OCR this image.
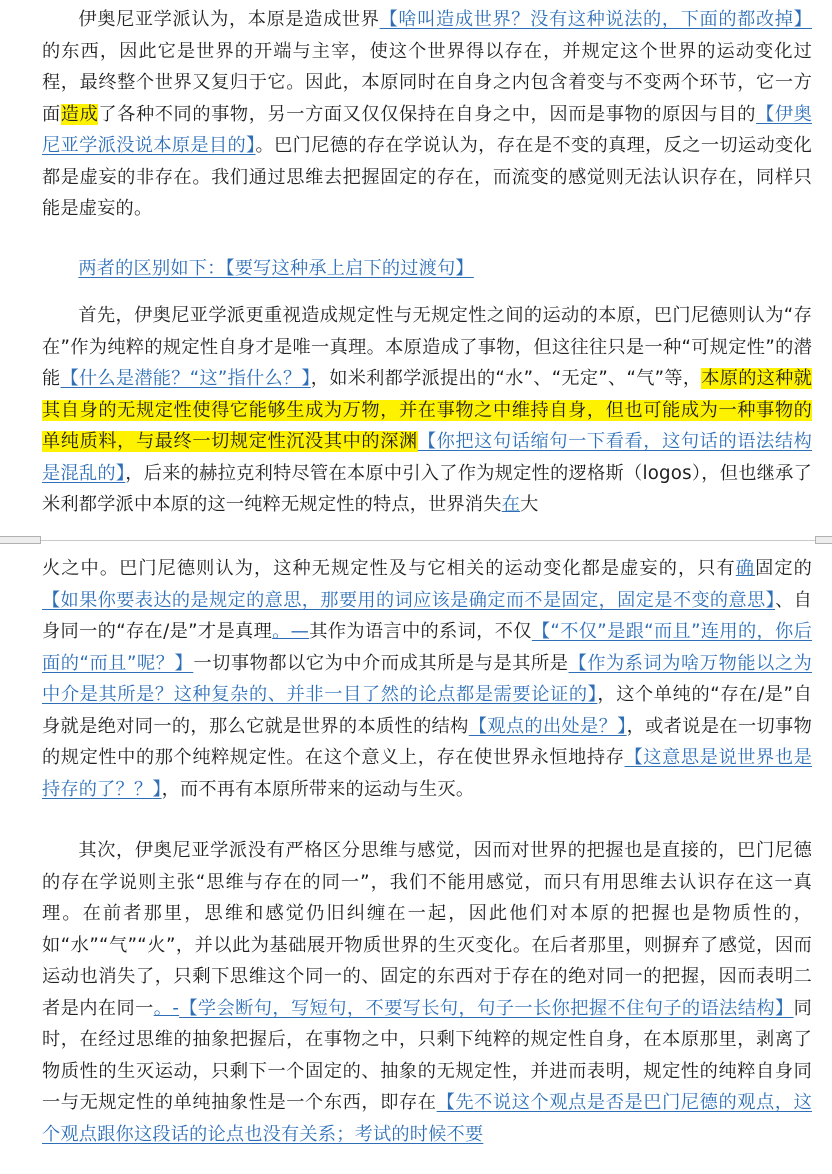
伊奥尼亚学派认为，本原是造成世界【啥叫造成世界？没有这种说法的，下面的都改掉】的东西，因此它是世界的开端与主宰，使这个世界得以存在，并规定这个世界的运动变化过程，最终整个世界又复归于它。因此，本原同时在自身之内包含着变与不变两个环节，它一方面造成了各种不同的事物，另一方面又仅仅保持在自身之中，因而是事物的原因与目的【伊奥尼亚学派没说本原是目的】。巴门尼德的存在学说认为，存在是不变的真理，反之一切运动变化都是虚妄的非存在。我们通过思维去把握固定的存在，而流变的感觉则无法认识存在，同样只能是虚妄的。

两者的区别如下：【要写这种承上启下的过渡句】

首先，伊奥尼亚学派更重视造成规定性与无规定性之间的运动的本原，巴门尼德则认为“存在”作为纯粹的规定性自身才是唯一真理。本原造成了事物，但这往往只是一种“可规定性”的潜能【什么是潜能？“这”指什么？】，如米利都学派提出的“水”、“无定”、“气”等，本原的这种就其自身的无规定性使得它能够生成为万物，并在事物之中维持自身，但也可能成为一种事物的单纯质料，与最终一切规定性沉没其中的深渊【你把这句话缩句一下看看，这句话的语法结构是混乱的】，后来的赫拉克利特尽管在本原中引入了作为规定性的逻格斯（logos），但也继承了米利都学派中本原的这一纯粹无规定性的特点，世界消失在大

火之中。巴门尼德则认为，这种无规定性及与它相关的运动变化都是虚妄的，只有确固定的【如果你要表达的是规定的意思，那要用的词应该是确定而不是固定，固定是不变的意思】、自身同一的“存在/是”才是真理。—其作为语言中的系词，不仅【“不仅”是跟“而且”连用的，你后面的“而且”呢？】一切事物都以它为中介而成其所是与是其所是【作为系词为啥万物能以之为中介是其所是？这种复杂的、并非一目了然的论点都是需要论证的】，这个单纯的“存在/是”自身就是绝对同一的，那么它就是世界的本质性的结构【观点的出处是？】，或者说是在一切事物的规定性中的那个纯粹规定性。在这个意义上，存在使世界永恒地持存【这意思是说世界也是持存的了？？】，而不再有本原所带来的运动与生灭。

其次，伊奥尼亚学派没有严格区分思维与感觉，因而对世界的把握也是直接的，巴门尼德的存在学说则主张“思维与存在的同一”，我们不能用感觉，而只有用思维去认识存在这一真理。在前者那里，思维和感觉仍旧纠缠在一起，因此他们对本原的把握也是物质性的，如“水”“气”“火”，并以此为基础展开物质世界的生灭变化。在后者那里，则摒弃了感觉，因而运动也消失了，只剩下思维这个同一的、固定的东西对于存在的绝对同一的把握，因而表明二者是内在同一。-【学会断句，写短句，不要写长句，句子一长你把握不住句子的语法结构】同时，在经过思维的抽象把握后，在事物之中，只剩下纯粹的规定性自身，在本原那里，剥离了物质性的生灭运动，只剩下一个固定的、抽象的无规定性，并进而表明，规定性的纯粹自身同一与无规定性的单纯抽象性是一个东西，即存在【先不说这个观点是否是巴门尼德的观点，这个观点跟你这段话的论点也没有关系；考试的时候不要
